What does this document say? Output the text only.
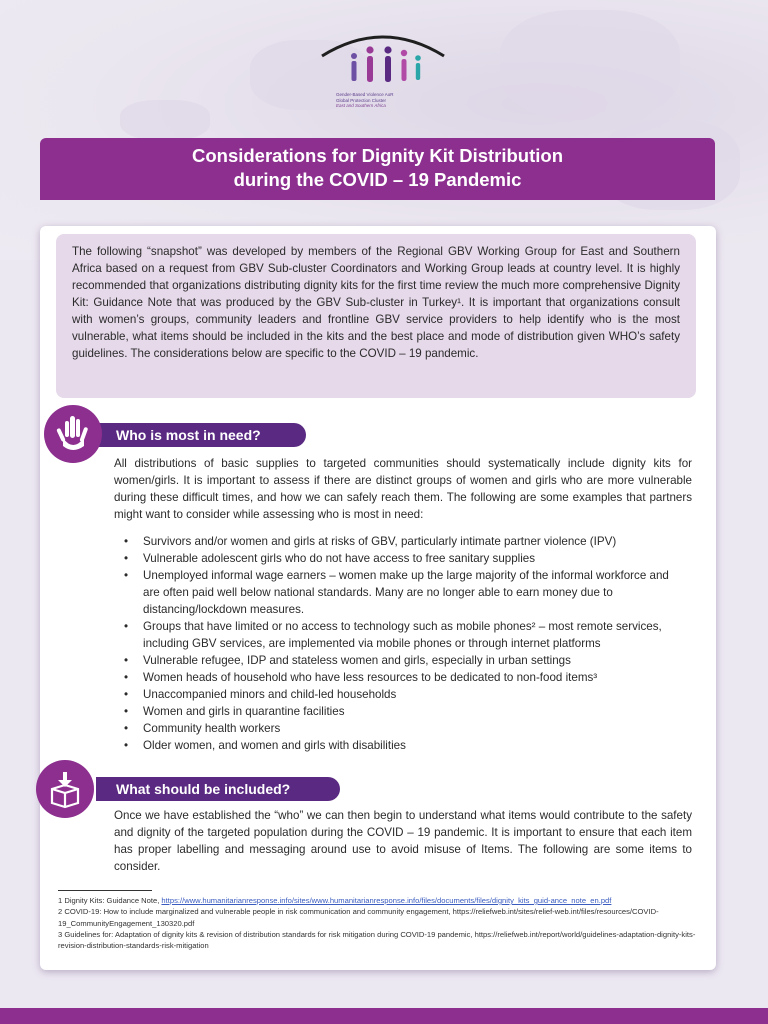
Gender-Based Violence AoR
Global Protection Cluster
East and Southern Africa
Considerations for Dignity Kit Distribution
during the COVID – 19 Pandemic
The following “snapshot” was developed by members of the Regional GBV Working Group for East and Southern Africa based on a request from GBV Sub-cluster Coordinators and Working Group leads at country level. It is highly recommended that organizations distributing dignity kits for the first time review the much more comprehensive Dignity Kit: Guidance Note that was produced by the GBV Sub-cluster in Turkey¹. It is important that organizations consult with women’s groups, community leaders and frontline GBV service providers to help identify who is the most vulnerable, what items should be included in the kits and the best place and mode of distribution given WHO’s safety guidelines. The considerations below are specific to the COVID – 19 pandemic.
Who is most in need?
All distributions of basic supplies to targeted communities should systematically include dignity kits for women/girls. It is important to assess if there are distinct groups of women and girls who are more vulnerable during these difficult times, and how we can safely reach them. The following are some examples that partners might want to consider while assessing who is most in need:
• Survivors and/or women and girls at risks of GBV, particularly intimate partner violence (IPV)
• Vulnerable adolescent girls who do not have access to free sanitary supplies
• Unemployed informal wage earners – women make up the large majority of the informal workforce and are often paid well below national standards. Many are no longer able to earn money due to distancing/lockdown measures.
• Groups that have limited or no access to technology such as mobile phones² – most remote services, including GBV services, are implemented via mobile phones or through internet platforms
• Vulnerable refugee, IDP and stateless women and girls, especially in urban settings
• Women heads of household who have less resources to be dedicated to non-food items³
• Unaccompanied minors and child-led households
• Women and girls in quarantine facilities
• Community health workers
• Older women, and women and girls with disabilities
What should be included?
Once we have established the “who” we can then begin to understand what items would contribute to the safety and dignity of the targeted population during the COVID – 19 pandemic. It is important to ensure that each item has proper labelling and messaging around use to avoid misuse of Items. The following are some items to consider.
1 Dignity Kits: Guidance Note, https://www.humanitarianresponse.info/sites/www.humanitarianresponse.info/files/documents/files/dignity_kits_guid-ance_note_en.pdf
2 COVID-19: How to include marginalized and vulnerable people in risk communication and community engagement, https://reliefweb.int/sites/relief-web.int/files/resources/COVID-19_CommunityEngagement_130320.pdf
3 Guidelines for: Adaptation of dignity kits & revision of distribution standards for risk mitigation during COVID-19 pandemic, https://reliefweb.int/report/world/guidelines-adaptation-dignity-kits-revision-distribution-standards-risk-mitigation
